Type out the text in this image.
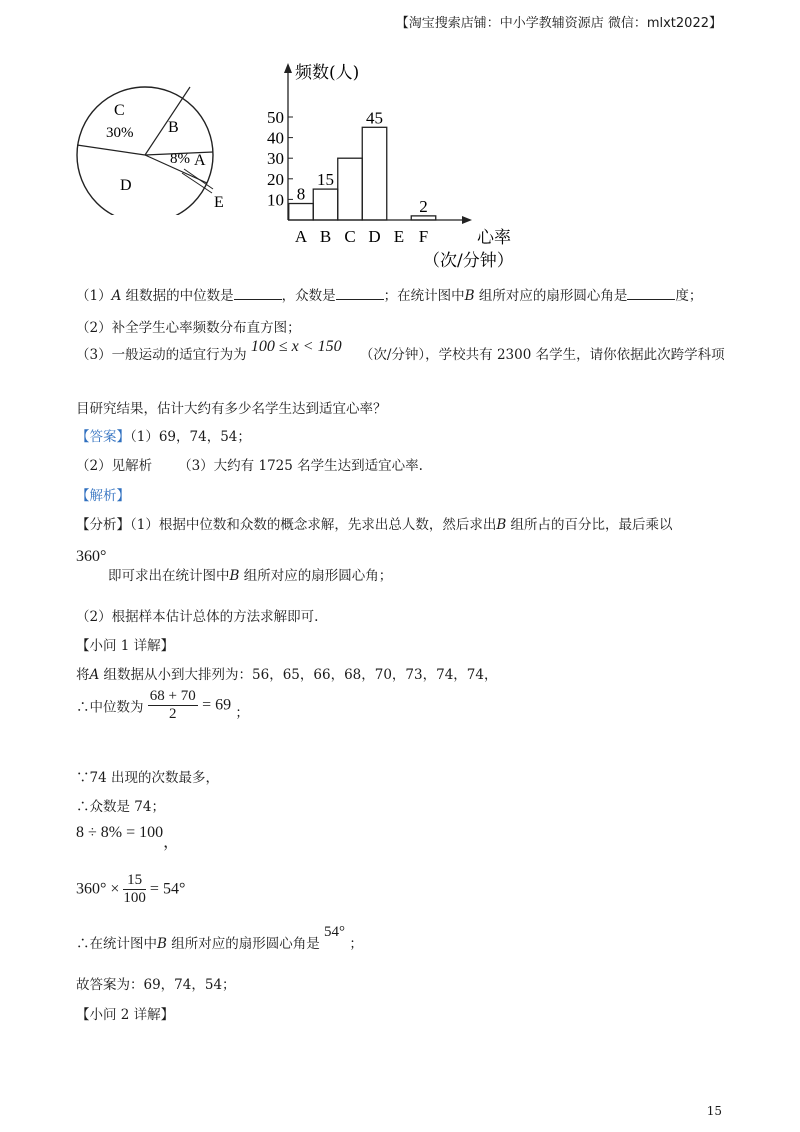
【淘宝搜索店铺：中小学教辅资源店 微信：mlxt2022】
C
30% B
8% A
D
E
频数(人)
心率
（次/分钟）
10
20
30
40
50
8
A
15
B C
45
D E
2
F
（1）A 组数据的中位数是	，众数是	；在统计图中B 组所对应的扇形圆心角是	度；
（2）补全学生心率频数分布直方图；
（3）一般运动的适宜行为为 100 ≤ x < 150 （次/分钟），学校共有 2300 名学生，请你依据此次跨学科项
目研究结果，估计大约有多少名学生达到适宜心率？
【答案】（1）69，74，54；
（2）见解析 （3）大约有 1725 名学生达到适宜心率.
【解析】
【分析】（1）根据中位数和众数的概念求解，先求出总人数，然后求出B 组所占的百分比，最后乘以
360°
即可求出在统计图中B 组所对应的扇形圆心角；
（2）根据样本估计总体的方法求解即可.
【小问 1 详解】
将A 组数据从小到大排列为：56，65，66，68，70，73，74，74，
∴中位数为 $\frac{68 + 70}{2} = 69$ ；
∵74 出现的次数最多，
∴众数是 74；
8 ÷ 8% = 100，
$360^\circ \times \frac{15}{100} = 54^\circ$
∴在统计图中B 组所对应的扇形圆心角是 54° ；
故答案为：69，74，54；
【小问 2 详解】
15
